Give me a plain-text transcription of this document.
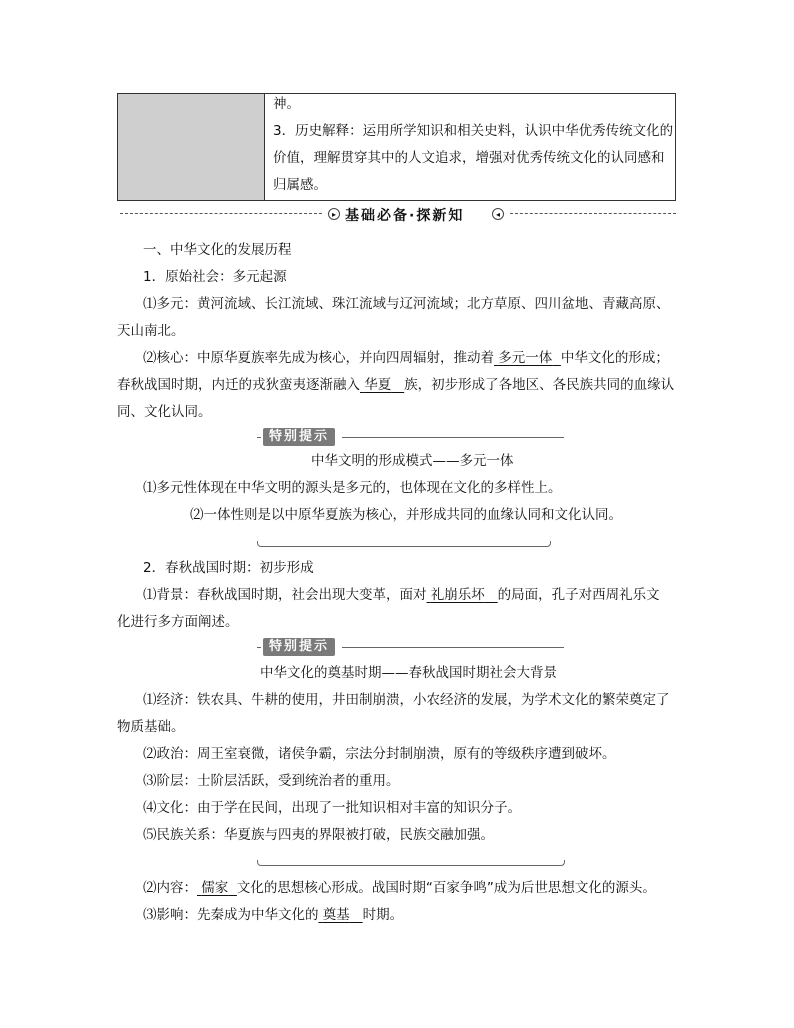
神。
3．历史解释：运用所学知识和相关史料，认识中华优秀传统文化的
价值，理解贯穿其中的人文追求，增强对优秀传统文化的认同感和
归属感。
▸ 基础必备·探新知	◂
一、中华文化的发展历程
1．原始社会：多元起源
⑴多元：黄河流域、长江流域、珠江流域与辽河流域；北方草原、四川盆地、青藏高原、
天山南北。
⑵核心：中原华夏族率先成为核心，并向四周辐射，推动着 多元一体 中华文化的形成；
春秋战国时期，内迁的戎狄蛮夷逐渐融入 华夏 族，初步形成了各地区、各民族共同的血缘认
同、文化认同。
特别提示
中华文明的形成模式——多元一体
⑴多元性体现在中华文明的源头是多元的，也体现在文化的多样性上。
⑵一体性则是以中原华夏族为核心，并形成共同的血缘认同和文化认同。
2．春秋战国时期：初步形成
⑴背景：春秋战国时期，社会出现大变革，面对 礼崩乐坏 的局面，孔子对西周礼乐文
化进行多方面阐述。
特别提示
中华文化的奠基时期——春秋战国时期社会大背景
⑴经济：铁农具、牛耕的使用，井田制崩溃，小农经济的发展，为学术文化的繁荣奠定了
物质基础。
⑵政治：周王室衰微，诸侯争霸，宗法分封制崩溃，原有的等级秩序遭到破坏。
⑶阶层：士阶层活跃，受到统治者的重用。
⑷文化：由于学在民间，出现了一批知识相对丰富的知识分子。
⑸民族关系：华夏族与四夷的界限被打破，民族交融加强。
⑵内容： 儒家 文化的思想核心形成。战国时期“百家争鸣”成为后世思想文化的源头。
⑶影响：先秦成为中华文化的 奠基 时期。
